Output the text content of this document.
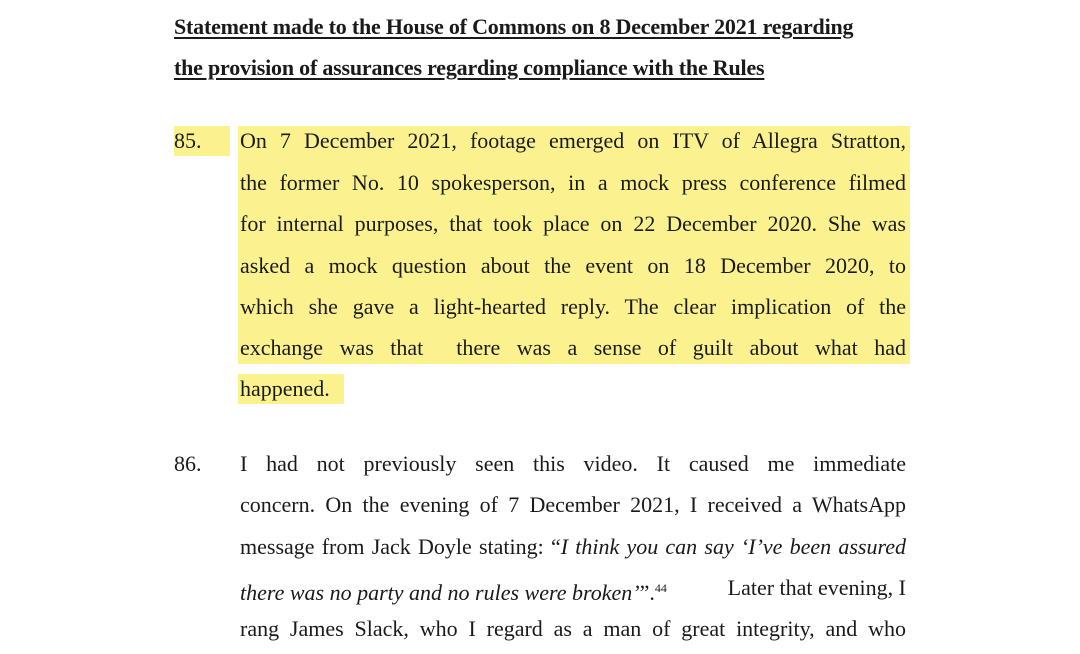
Statement made to the House of Commons on 8 December 2021 regarding
the provision of assurances regarding compliance with the Rules
85. On 7 December 2021, footage emerged on ITV of Allegra Stratton,
the former No. 10 spokesperson, in a mock press conference filmed
for internal purposes, that took place on 22 December 2020. She was
asked a mock question about the event on 18 December 2020, to
which she gave a light-hearted reply. The clear implication of the
exchange was that  there was a sense of guilt about what had
happened.
86. I had not previously seen this video. It caused me immediate
concern. On the evening of 7 December 2021, I received a WhatsApp
message from Jack Doyle stating: “I think you can say ‘I’ve been assured
there was no party and no rules were broken’”.$^{44}$	Later that evening, I
rang James Slack, who I regard as a man of great integrity, and who
